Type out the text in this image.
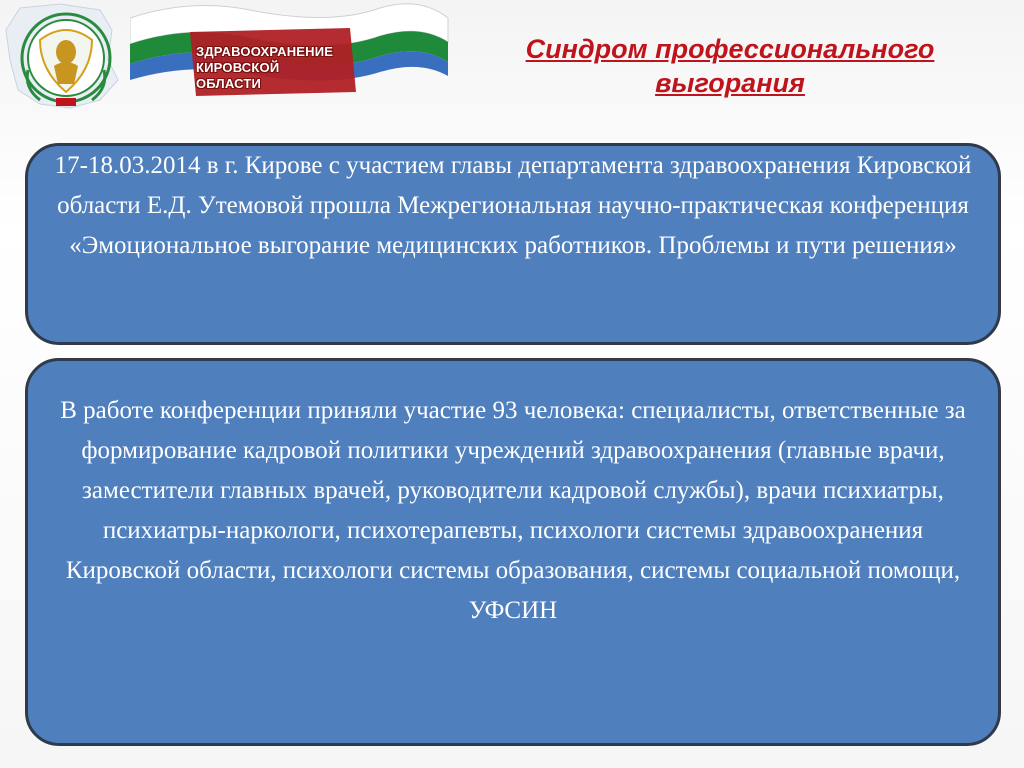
ЗДРАВООХРАНЕНИЕ
КИРОВСКОЙ ОБЛАСТИ
Синдром профессионального выгорания
17-18.03.2014 в г. Кирове с участием главы департамента здравоохранения Кировской области Е.Д. Утемовой прошла Межрегиональная научно-практическая конференция «Эмоциональное выгорание медицинских работников. Проблемы и пути решения»
В работе конференции приняли участие 93 человека: специалисты, ответственные за формирование кадровой политики учреждений здравоохранения (главные врачи, заместители главных врачей, руководители кадровой службы), врачи психиатры, психиатры-наркологи, психотерапевты, психологи системы здравоохранения Кировской области, психологи системы образования, системы социальной помощи, УФСИН
